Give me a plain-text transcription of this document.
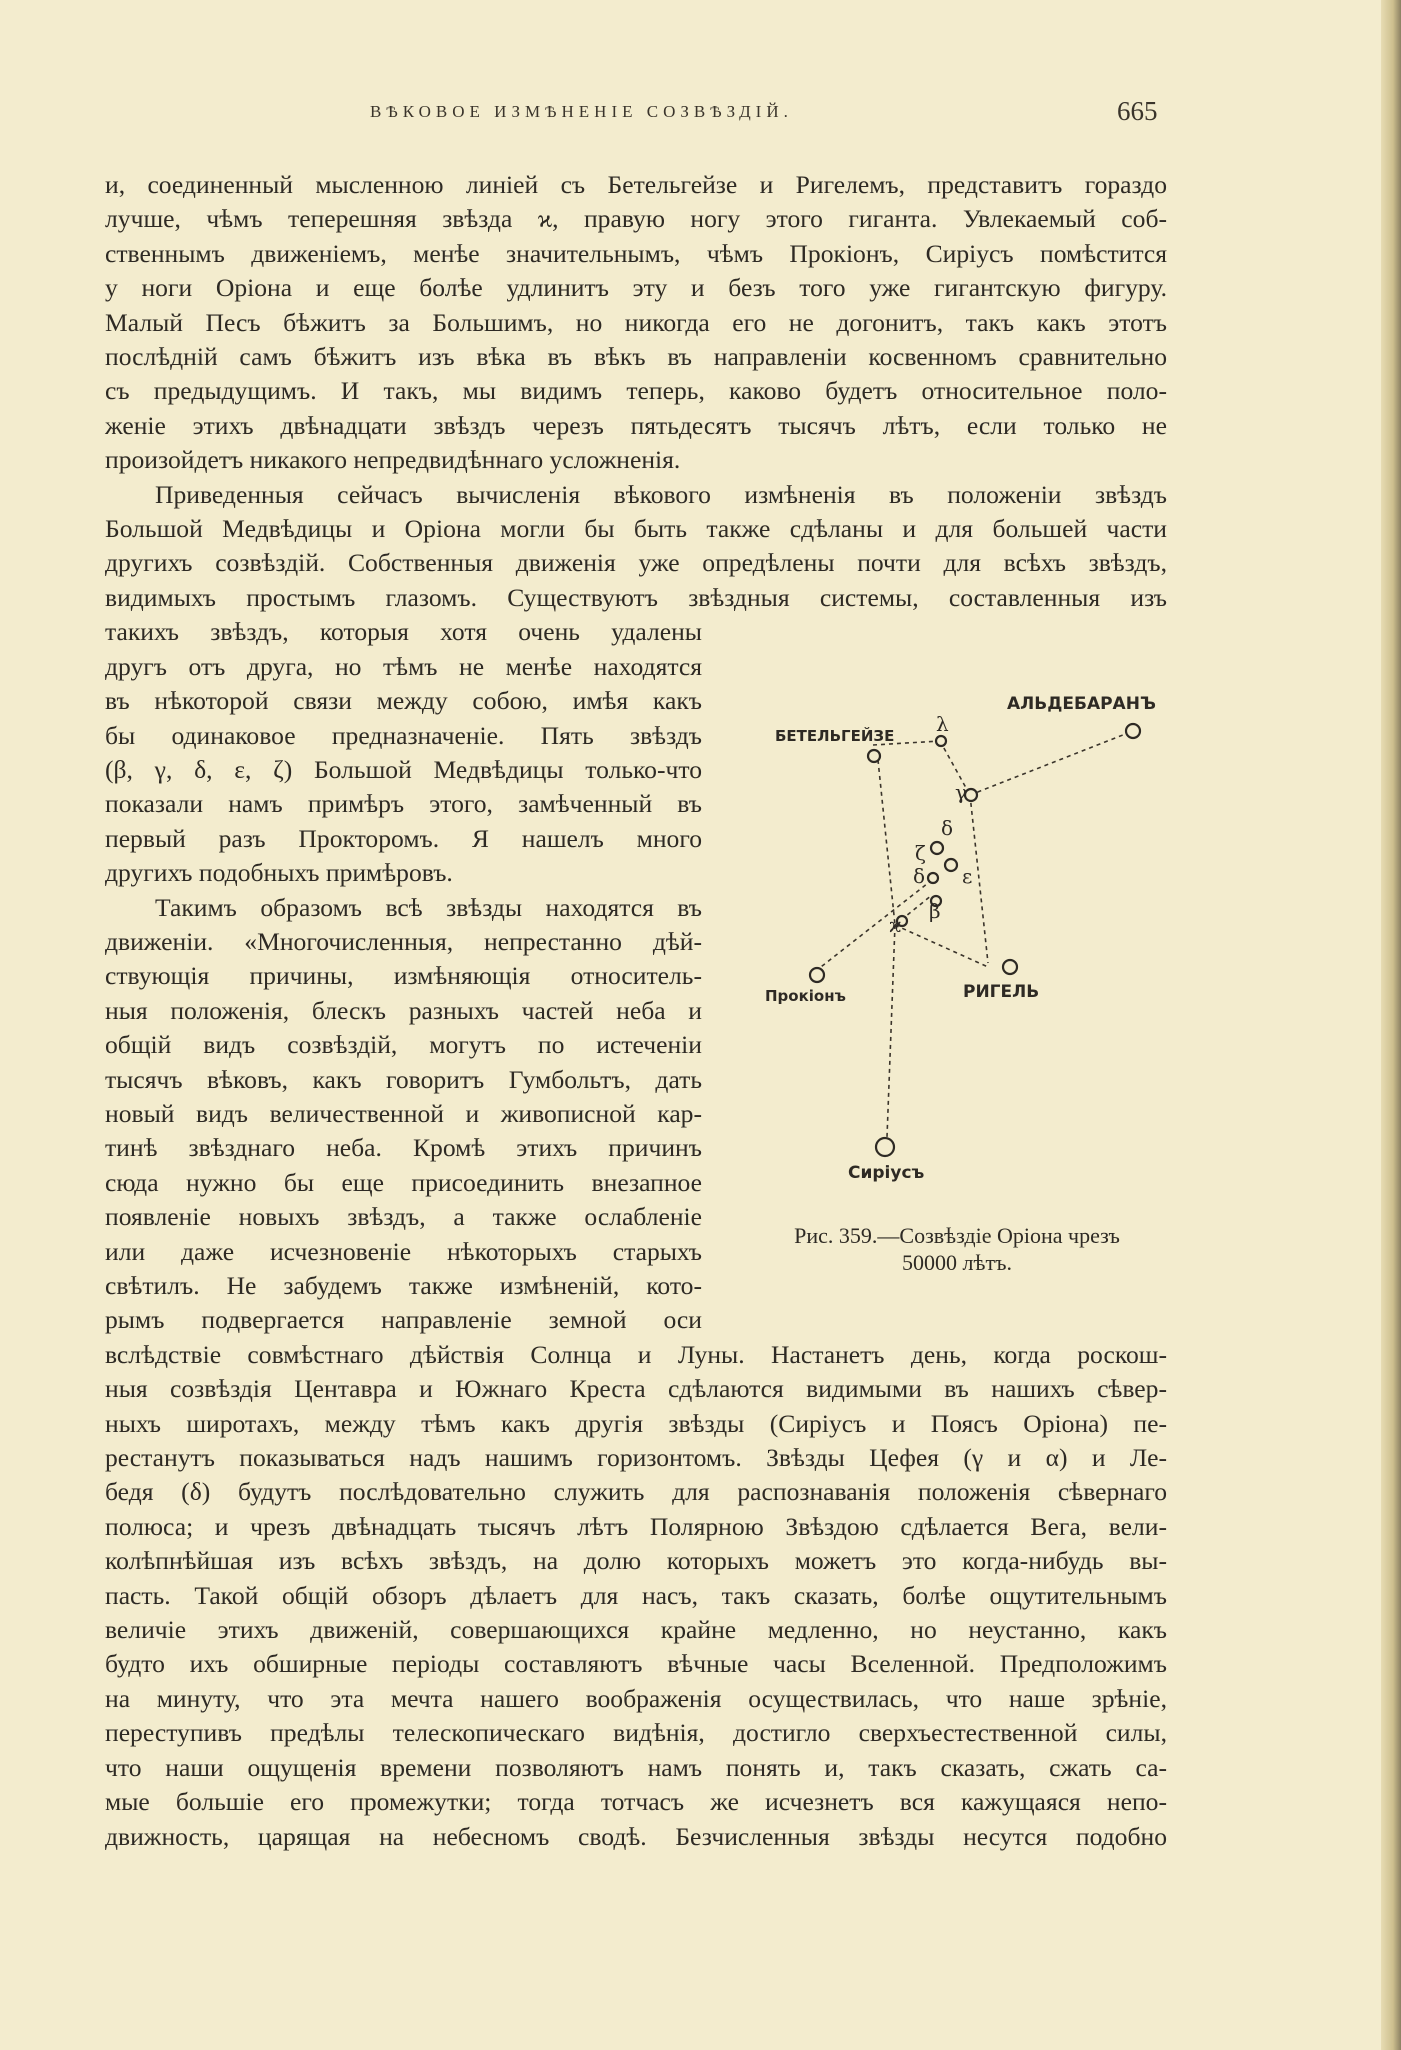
ВѢКОВОЕ ИЗМѢНЕНІЕ СОЗВѢЗДІЙ.	665
и, соединенный мысленною линіей съ Бетельгейзе и Ригелемъ, представитъ гораздо
лучше, чѣмъ теперешняя звѣзда ϰ, правую ногу этого гиганта. Увлекаемый соб-
ственнымъ движеніемъ, менѣе значительнымъ, чѣмъ Прокіонъ, Сиріусъ помѣстится
у ноги Оріона и еще болѣе удлинитъ эту и безъ того уже гигантскую фигуру.
Малый Песъ бѣжитъ за Большимъ, но никогда его не догонитъ, такъ какъ этотъ
послѣдній самъ бѣжитъ изъ вѣка въ вѣкъ въ направленіи косвенномъ сравнительно
съ предыдущимъ. И такъ, мы видимъ теперь, каково будетъ относительное поло-
женіе этихъ двѣнадцати звѣздъ черезъ пятьдесятъ тысячъ лѣтъ, если только не
произойдетъ никакого непредвидѣннаго усложненія.
Приведенныя сейчасъ вычисленія вѣкового измѣненія въ положеніи звѣздъ
Большой Медвѣдицы и Оріона могли бы быть также сдѣланы и для большей части
другихъ созвѣздій. Собственныя движенія уже опредѣлены почти для всѣхъ звѣздъ,
видимыхъ простымъ глазомъ. Существуютъ звѣздныя системы, составленныя изъ
такихъ звѣздъ, которыя хотя очень удалены
другъ отъ друга, но тѣмъ не менѣе находятся
въ нѣкоторой связи между собою, имѣя какъ
бы одинаковое предназначеніе. Пять звѣздъ
(β, γ, δ, ε, ζ) Большой Медвѣдицы только-что
показали намъ примѣръ этого, замѣченный въ
первый разъ Прокторомъ. Я нашелъ много
другихъ подобныхъ примѣровъ.
Такимъ образомъ всѣ звѣзды находятся въ
движеніи. «Многочисленныя, непрестанно дѣй-
ствующія причины, измѣняющія относитель-
ныя положенія, блескъ разныхъ частей неба и
общій видъ созвѣздій, могутъ по истеченіи
тысячъ вѣковъ, какъ говоритъ Гумбольтъ, дать
новый видъ величественной и живописной кар-
тинѣ звѣзднаго неба. Кромѣ этихъ причинъ
сюда нужно бы еще присоединить внезапное
появленіе новыхъ звѣздъ, а также ослабленіе
или даже исчезновеніе нѣкоторыхъ старыхъ
свѣтилъ. Не забудемъ также измѣненій, кото-
рымъ подвергается направленіе земной оси
вслѣдствіе совмѣстнаго дѣйствія Солнца и Луны. Настанетъ день, когда роскош-
ныя созвѣздія Центавра и Южнаго Креста сдѣлаются видимыми въ нашихъ сѣвер-
ныхъ широтахъ, между тѣмъ какъ другія звѣзды (Сиріусъ и Поясъ Оріона) пе-
рестанутъ показываться надъ нашимъ горизонтомъ. Звѣзды Цефея (γ и α) и Ле-
бедя (δ) будутъ послѣдовательно служить для распознаванія положенія сѣвернаго
полюса; и чрезъ двѣнадцать тысячъ лѣтъ Полярною Звѣздою сдѣлается Вега, вели-
колѣпнѣйшая изъ всѣхъ звѣздъ, на долю которыхъ можетъ это когда-нибудь вы-
пасть. Такой общій обзоръ дѣлаетъ для насъ, такъ сказать, болѣе ощутительнымъ
величіе этихъ движеній, совершающихся крайне медленно, но неустанно, какъ
будто ихъ обширные періоды составляютъ вѣчные часы Вселенной. Предположимъ
на минуту, что эта мечта нашего воображенія осуществилась, что наше зрѣніе,
переступивъ предѣлы телескопическаго видѣнія, достигло сверхъестественной силы,
что наши ощущенія времени позволяютъ намъ понять и, такъ сказать, сжать са-
мые большіе его промежутки; тогда тотчасъ же исчезнетъ вся кажущаяся непо-
движность, царящая на небесномъ сводѣ. Безчисленныя звѣзды несутся подобно
λ
γ
δ
ζ
ε
δ
ϰ
β
АЛЬДЕБАРАНЪ
БЕТЕЛЬГЕЙЗЕ
Прокіонъ	РИГЕЛЬ
Сиріусъ
Рис. 359.—Созвѣздіе Оріона чрезъ
50000 лѣтъ.
